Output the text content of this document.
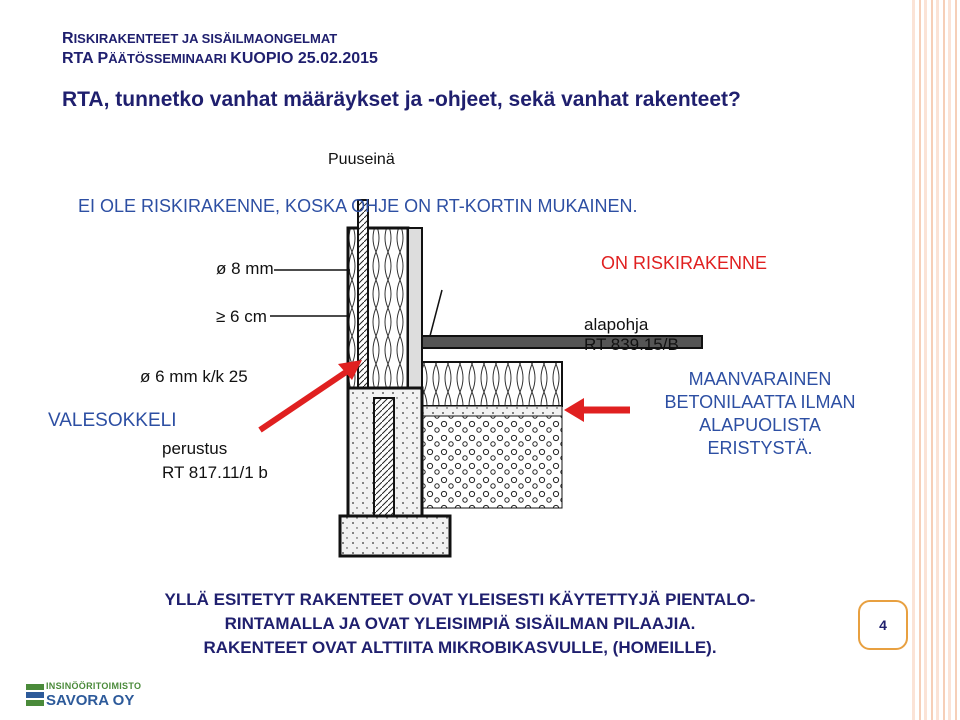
RISKIRAKENTEET JA SISÄILMAONGELMAT
RTA PÄÄTÖSSEMINAARI KUOPIO 25.02.2015
RTA, tunnetko vanhat määräykset ja -ohjeet, sekä vanhat rakenteet?
Puuseinä
ø 8 mm
≥ 6 cm
ø 6 mm k/k 25
perustus
RT 817.11/1 b
alapohja
RT 839.15/B
EI OLE RISKIRAKENNE, KOSKA OHJE ON RT-KORTIN MUKAINEN.
ON RISKIRAKENNE
VALESOKKELI
MAANVARAINEN
BETONILAATTA ILMAN
ALAPUOLISTA
ERISTYSTÄ.
YLLÄ ESITETYT RAKENTEET OVAT YLEISESTI KÄYTETTYJÄ PIENTALO-
RINTAMALLA JA OVAT YLEISIMPIÄ SISÄILMAN PILAAJIA.
RAKENTEET OVAT ALTTIITA MIKROBIKASVULLE, (HOMEILLE).
4
INSINÖÖRITOIMISTO
SAVORA OY
